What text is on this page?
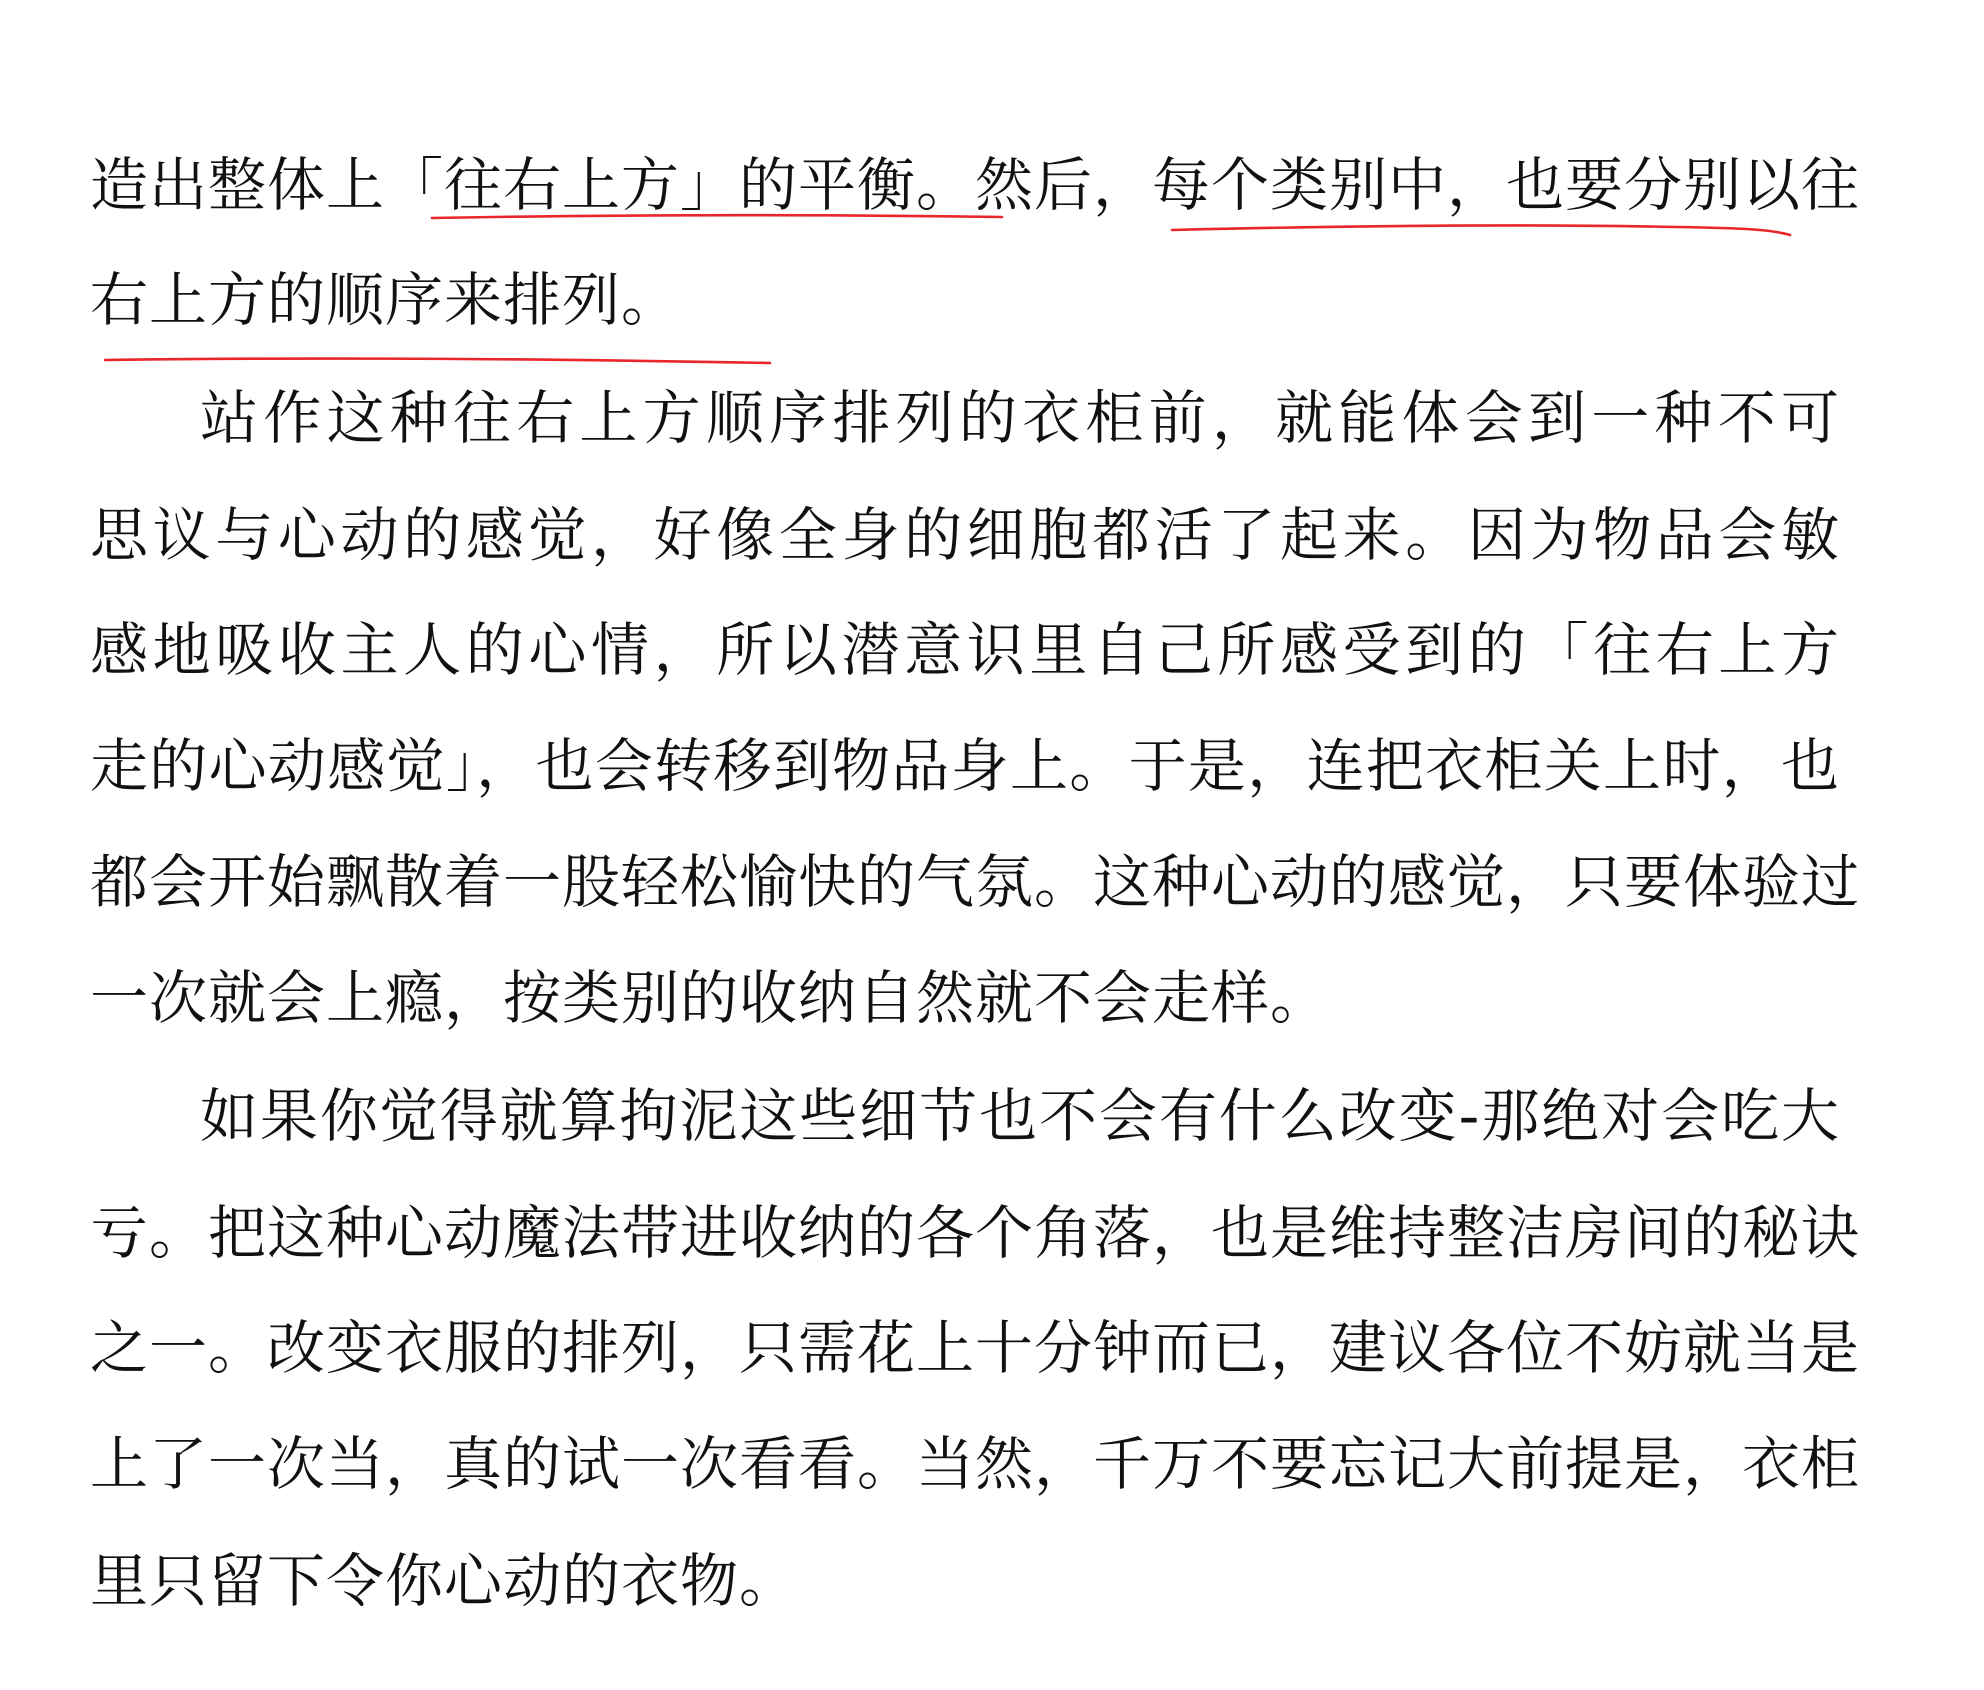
造出整体上「往右上方」的平衡。然后，每个类别中，也要分别以往
右上方的顺序来排列。
站作这种往右上方顺序排列的衣柜前，就能体会到一种不可
思议与心动的感觉，好像全身的细胞都活了起来。因为物品会敏
感地吸收主人的心情，所以潜意识里自己所感受到的「往右上方
走的心动感觉」，也会转移到物品身上。于是，连把衣柜关上时，也
都会开始飘散着一股轻松愉快的气氛。这种心动的感觉，只要体验过
一次就会上瘾，按类别的收纳自然就不会走样。
如果你觉得就算拘泥这些细节也不会有什么改变-那绝对会吃大
亏。把这种心动魔法带进收纳的各个角落，也是维持整洁房间的秘诀
之一。改变衣服的排列，只需花上十分钟而已，建议各位不妨就当是
上了一次当，真的试一次看看。当然，千万不要忘记大前提是，衣柜
里只留下令你心动的衣物。
